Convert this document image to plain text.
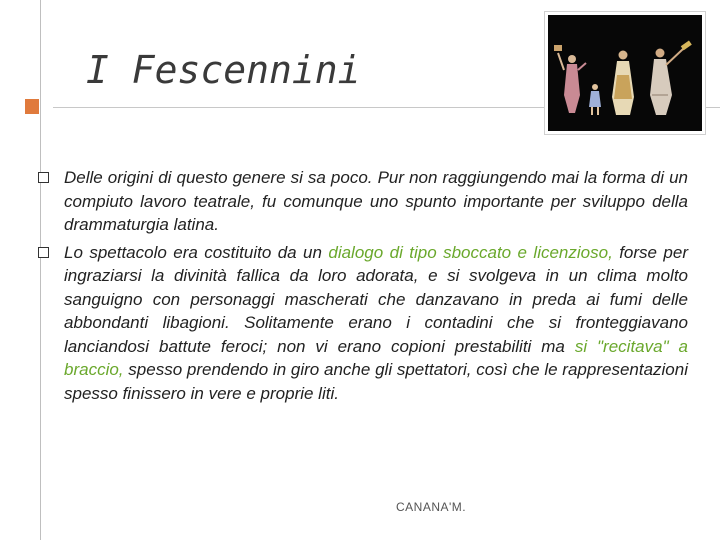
I Fescennini
Delle origini di questo genere si sa poco. Pur non raggiungendo mai la forma di un compiuto lavoro teatrale, fu comunque uno spunto importante per sviluppo della drammaturgia latina.
Lo spettacolo era costituito da un dialogo di tipo sboccato e licenzioso, forse per ingraziarsi la divinità fallica da loro adorata, e si svolgeva in un clima molto sanguigno con personaggi mascherati che danzavano in preda ai fumi delle abbondanti libagioni. Solitamente erano i contadini che si fronteggiavano lanciandosi battute feroci; non vi erano copioni prestabiliti ma si "recitava" a braccio, spesso prendendo in giro anche gli spettatori, così che le rappresentazioni spesso finissero in vere e proprie liti.
CANANA'M.
